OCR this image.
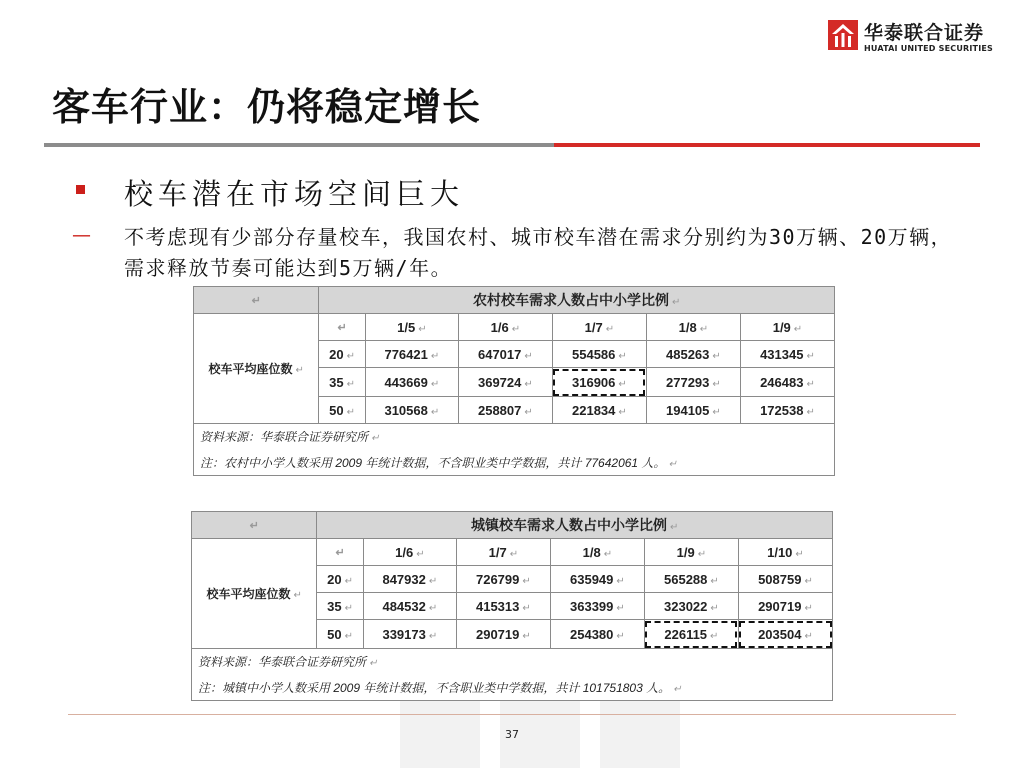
华泰联合证券
HUATAI UNITED SECURITIES
客车行业：仍将稳定增长
校车潜在市场空间巨大
— 不考虑现有少部分存量校车，我国农村、城市校车潜在需求分别约为30万辆、20万辆，需求释放节奏可能达到5万辆/年。
↵	农村校车需求人数占中小学比例 ↵					
校车平均座位数 ↵	↵	1/5 ↵	1/6 ↵	1/7 ↵	1/8 ↵	1/9 ↵
	20 ↵	776421 ↵	647017 ↵	554586 ↵	485263 ↵	431345 ↵
	35 ↵	443669 ↵	369724 ↵	316906 ↵	277293 ↵	246483 ↵
	50 ↵	310568 ↵	258807 ↵	221834 ↵	194105 ↵	172538 ↵
资料来源：华泰联合证券研究所 ↵						
注：农村中小学人数采用 2009 年统计数据，不含职业类中学数据，共计 77642061 人。 ↵						
↵	城镇校车需求人数占中小学比例 ↵					
校车平均座位数 ↵	↵	1/6 ↵	1/7 ↵	1/8 ↵	1/9 ↵	1/10 ↵
	20 ↵	847932 ↵	726799 ↵	635949 ↵	565288 ↵	508759 ↵
	35 ↵	484532 ↵	415313 ↵	363399 ↵	323022 ↵	290719 ↵
	50 ↵	339173 ↵	290719 ↵	254380 ↵	226115 ↵	203504 ↵
资料来源：华泰联合证券研究所 ↵						
注：城镇中小学人数采用 2009 年统计数据，不含职业类中学数据，共计 101751803 人。 ↵						
37
